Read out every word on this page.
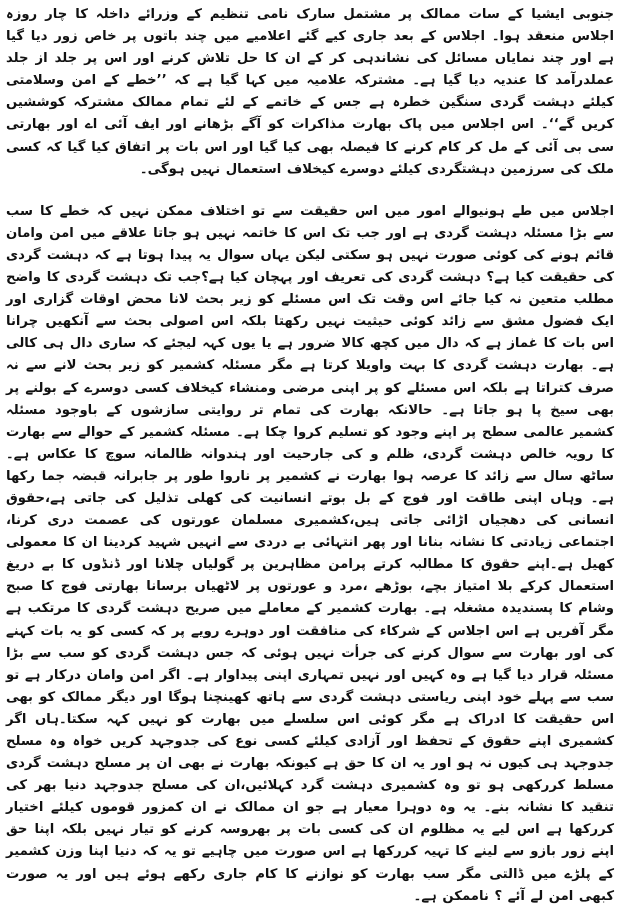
جنوبی ایشیا کے سات ممالک پر مشتمل سارک نامی تنظیم کے وزرائے داخلہ کا چار روزہ اجلاس منعقد ہوا۔ اجلاس کے بعد جاری کیے گئے اعلامیے میں چند باتوں پر خاص زور دیا گیا ہے اور چند نمایاں مسائل کی نشاندہی کر کے ان کا حل تلاش کرنے اور اس پر جلد از جلد عملدرآمد کا عندیہ دیا گیا ہے۔ مشترکہ علامیہ میں کہا گیا ہے کہ ’’خطے کے امن وسلامتی کیلئے دہشت گردی سنگین خطرہ ہے جس کے خاتمے کے لئے تمام ممالک مشترکہ کوششیں کریں گے‘‘۔ اس اجلاس میں پاک بھارت مذاکرات کو آگے بڑھانے اور ایف آئی اے اور بھارتی سی بی آئی کے مل کر کام کرنے کا فیصلہ بھی کیا گیا اور اس بات پر اتفاق کیا گیا کہ کسی ملک کی سرزمین دہشتگردی کیلئے دوسرے کیخلاف استعمال نہیں ہوگی۔

اجلاس میں طے ہونیوالے امور میں اس حقیقت سے تو اختلاف ممکن نہیں کہ خطے کا سب سے بڑا مسئلہ دہشت گردی ہے اور جب تک اس کا خاتمہ نہیں ہو جاتا علاقے میں امن وامان قائم ہونے کی کوئی صورت نہیں ہو سکتی لیکن یہاں سوال یہ پیدا ہوتا ہے کہ دہشت گردی کی حقیقت کیا ہے؟ دہشت گردی کی تعریف اور پہچان کیا ہے؟جب تک دہشت گردی کا واضح مطلب متعین نہ کیا جائے اس وقت تک اس مسئلے کو زیر بحث لانا محض اوقات گزاری اور ایک فضول مشق سے زائد کوئی حیثیت نہیں رکھتا بلکہ اس اصولی بحث سے آنکھیں چرانا اس بات کا غماز ہے کہ دال میں کچھ کالا ضرور ہے یا یوں کہہ لیجئے کہ ساری دال ہی کالی ہے۔ بھارت دہشت گردی کا بہت واویلا کرتا ہے مگر مسئلہ کشمیر کو زیر بحث لانے سے نہ صرف کتراتا ہے بلکہ اس مسئلے کو پر اپنی مرضی ومنشاء کیخلاف کسی دوسرے کے بولنے پر بھی سیخ پا ہو جاتا ہے۔ حالانکہ بھارت کی تمام تر روایتی سازشوں کے باوجود مسئلہ کشمیر عالمی سطح پر اپنے وجود کو تسلیم کروا چکا ہے۔ مسئلہ کشمیر کے حوالے سے بھارت کا رویہ خالص دہشت گردی، ظلم و کی جارحیت اور ہندوانہ ظالمانہ سوچ کا عکاس ہے۔ ساٹھ سال سے زائد کا عرصہ ہوا بھارت نے کشمیر پر ناروا طور پر جابرانہ قبضہ جما رکھا ہے۔ وہاں اپنی طاقت اور فوج کے بل بوتے انسانیت کی کھلی تذلیل کی جاتی ہے،حقوق انسانی کی دھجیاں اڑائی جاتی ہیں،کشمیری مسلمان عورتوں کی عصمت دری کرنا، اجتماعی زیادتی کا نشانہ بنانا اور پھر انتہائی بے دردی سے انہیں شہید کردینا ان کا معمولی کھیل ہے۔اپنے حقوق کا مطالبہ کرتے پرامن مظاہرین پر گولیاں چلانا اور ڈنڈوں کا بے دریغ استعمال کرکے بلا امتیاز بچے، بوڑھے ،مرد و عورتوں پر لاٹھیاں برسانا بھارتی فوج کا صبح وشام کا پسندیدہ مشغلہ ہے۔ بھارت کشمیر کے معاملے میں صریح دہشت گردی کا مرتکب ہے مگر آفریں ہے اس اجلاس کے شرکاء کی منافقت اور دوہرے رویے پر کہ کسی کو یہ بات کہنے کی اور بھارت سے سوال کرنے کی جرأت نہیں ہوئی کہ جس دہشت گردی کو سب سے بڑا مسئلہ قرار دیا گیا ہے وہ کہیں اور نہیں تمہاری اپنی پیداوار ہے۔ اگر امن وامان درکار ہے تو سب سے پہلے خود اپنی ریاستی دہشت گردی سے ہاتھ کھینچنا ہوگا اور دیگر ممالک کو بھی اس حقیقت کا ادراک ہے مگر کوئی اس سلسلے میں بھارت کو نہیں کہہ سکتا۔ہاں اگر کشمیری اپنے حقوق کے تحفظ اور آزادی کیلئے کسی نوع کی جدوجہد کریں خواہ وہ مسلح جدوجہد ہی کیوں نہ ہو اور یہ ان کا حق ہے کیونکہ بھارت نے بھی ان پر مسلح دہشت گردی مسلط کررکھی ہو تو وہ کشمیری دہشت گرد کہلائیں،ان کی مسلح جدوجہد دنیا بھر کی تنقید کا نشانہ بنے۔ یہ وہ دوہرا معیار ہے جو ان ممالک نے ان کمزور قوموں کیلئے اختیار کررکھا ہے اس لیے یہ مظلوم ان کی کسی بات پر بھروسہ کرنے کو تیار نہیں بلکہ اپنا حق اپنے زور بازو سے لینے کا تہیہ کررکھا ہے اس صورت میں چاہیے تو یہ کہ دنیا اپنا وزن کشمیر کے پلڑے میں ڈالتی مگر سب بھارت کو نوازنے کا کام جاری رکھے ہوئے ہیں اور یہ صورت کبھی امن لے آئے ؟ ناممکن ہے۔
